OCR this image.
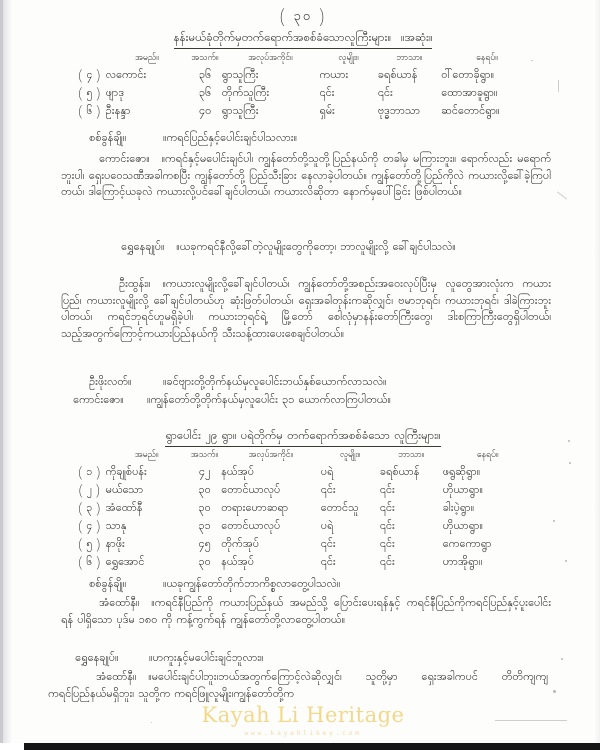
( ၃၀ )
နန်းမယ်ခုံတိုက်မှတက်ရောက်အစစ်ခံသောလူကြီးများ။ ။အဆုံး။
	အမည်။	အသက်။	အလုပ်အကိုင်။	လူမျိုး။	ဘာသာ။	နေရပ်။
( ၄ )	လကောင်း	၃၆	ရွာသူကြီး	ကယား	ခရစ်ယာန်	ဝါ်တောခိုရွာ။
( ၅ )	ဖျာဒု	၃၆	တိုက်သူကြီး	၎င်း	၎င်း	ထောအာခူရွာ။
( ၆ )	ဦးနန္ဒာ	၄၀	ရွာသူကြီး	ရှမ်း	ဗုဒ္ဓဘာသာ	ဆင်တောင်ရွာ။
စစ်ခွန်ချို။	။ကရင်ပြည်နှင့်ပေါင်းချင်ပါသလား။
ကောင်းဇော။ ။ကရင်နှင့်မပေါင်းချင်ပါ၊ ကျွန်တော်တို့သူတို့ပြည်နယ်ကို တခါမှ မကြားဘူး။ ရောက်လည်း မရောက်ဘူးပါ၊ ရှေးပဝေသဏီအခါကစပြီး ကျွန်တော်တို့ ပြည်သီးခြား နေလာခဲ့ပါတယ်။ ကျွန်တော်တို့ပြည်ကိုလဲ ကယားလို့ခေါ်ခဲ့ကြပါတယ်၊ ဒါကြောင့်ယခုလဲ ကယားလို့ပင်ခေါ်ချင်ပါတယ်၊ ကယားလိဆိုတာ နောက်မှပေါ်ခြင်း ဖြစ်ပါတယ်။
ရွှေနေချုပ်။ ။ယခုကရင်နီလို့ခေါ်တဲ့လူမျိုးတွေကိုတော့၊ ဘာလူမျိုးလို့ ခေါ်ချင်ပါသလဲ။
ဦးထွန်း။ ။ကယားလူမျိုးလို့ခေါ်ချင်ပါတယ်၊ ကျွန်တော်တို့အစည်းအဝေးလုပ်ပြီးမှ လူတွေအားလုံးက ကယားပြည်၊ ကယားလူမျိုးလို့ ခေါ်ချင်ပါတယ်ဟု ဆုံးဖြတ်ပါတယ်၊ ရှေးအခါတုန်းကဆိုလျှင်၊ ဗမာဘုရင်၊ ကယားဘုရင်၊ ဒါခဲကြားဘူးပါတယ်၊ ကရင်ဘုရင်ဟူမရှိခဲ့ပါ၊ ကယားဘုရင်ရဲ့ မြို့တော် စေါလုံမှာနန်းတော်ကြီးတွေ၊ ဒါးစကြာကြီးတွေရှိပါတယ်၊ သည့်အတွက်ကြောင့်ကယားပြည်နယ်ကို သီးသန့်ထားပေးစေချင်ပါတယ်။
ဦးဖိုးလတ်။	။ခင်ဗျားတို့တိုက်နယ်မှလူပေါင်းဘယ်နှစ်ယောက်လာသလဲ။
ကောင်းဇော။ ။ကျွန်တော်တို့တိုက်နယ်မှလူပေါင်း ၃၁ ယောက်လာကြပါတယ်။
ရွာပေါင်း ၂၉ ရွာ။ ပရဲတိုက်မှ တက်ရောက်အစစ်ခံသော လူကြီးများ။
	အမည်။	အသက်။	အလုပ်အကိုင်။	လူမျိုး။	ဘာသာ။	နေရပ်။
( ၁ )	ကိုချုစ်ပန်း	၄၂	နယ်အုပ်	ပရဲ	ခရစ်ယာန်	ဖရွဆိုရွာ။
( ၂ )	မယ်သော	၃၀	တောင်ယာလုပ်	၎င်း	၎င်း	ဟိုယာရွာ။
( ၃ )	အံထော်နီ	၃၀	တရားဟောဆရာ	တောင်သူ	၎င်း	ခါးပဲ့ရွာ။
( ၄ )	သာနု	၃၁	တောင်ယာလုပ်	ပရဲ	၎င်း	ဟိုယာရွာ။
( ၅ )	နာဖိုး	၄၅	တိုက်အုပ်	၎င်း	၎င်း	ကေကောရွာ
( ၆ )	ရွှေအောင်	၃၀	နယ်အုပ်	၎င်း	၎င်း	ဟာအိုရွာ။
စစ်ခွန်ချို။	။ယခုကျွန်တော်တိုက်ဘာကိစ္စလာတွေ့ပါသလဲ။
အံထော်နီ။ ။ကရင်နီပြည်ကို ကယားပြည်နယ် အမည်သို့ ပြောင်းပေးရန်နှင့် ကရင်နီပြည်ကိုကရင်ပြည်နှင့်ပူးပေါင်းရန် ပါရှိသော ပုဒ်မ ၁၈၀ ကို ကန့်ကွက်ရန် ကျွန်တော်တို့လာတွေ့ပါတယ်။
ရွှေနေချုပ်။	။ဟကူးနှင့်မပေါင်းချင်ဘူလား။
အံထော်နီ။ ။မပေါင်းချင်ပါဘူး၊ဘယ်အတွက်ကြောင့်လဲဆိုလျှင်၊ သူတို့မှာ ရှေးအခါကပင် တိတိကျကျ ကရင်ပြည်နယ်မရှိဘူး၊ သူတို့က ကရင်ဖြူလူမျိုး၊ကျွန်တော်တို့က
Kayah Li Heritage
www.kayahlikey.com
